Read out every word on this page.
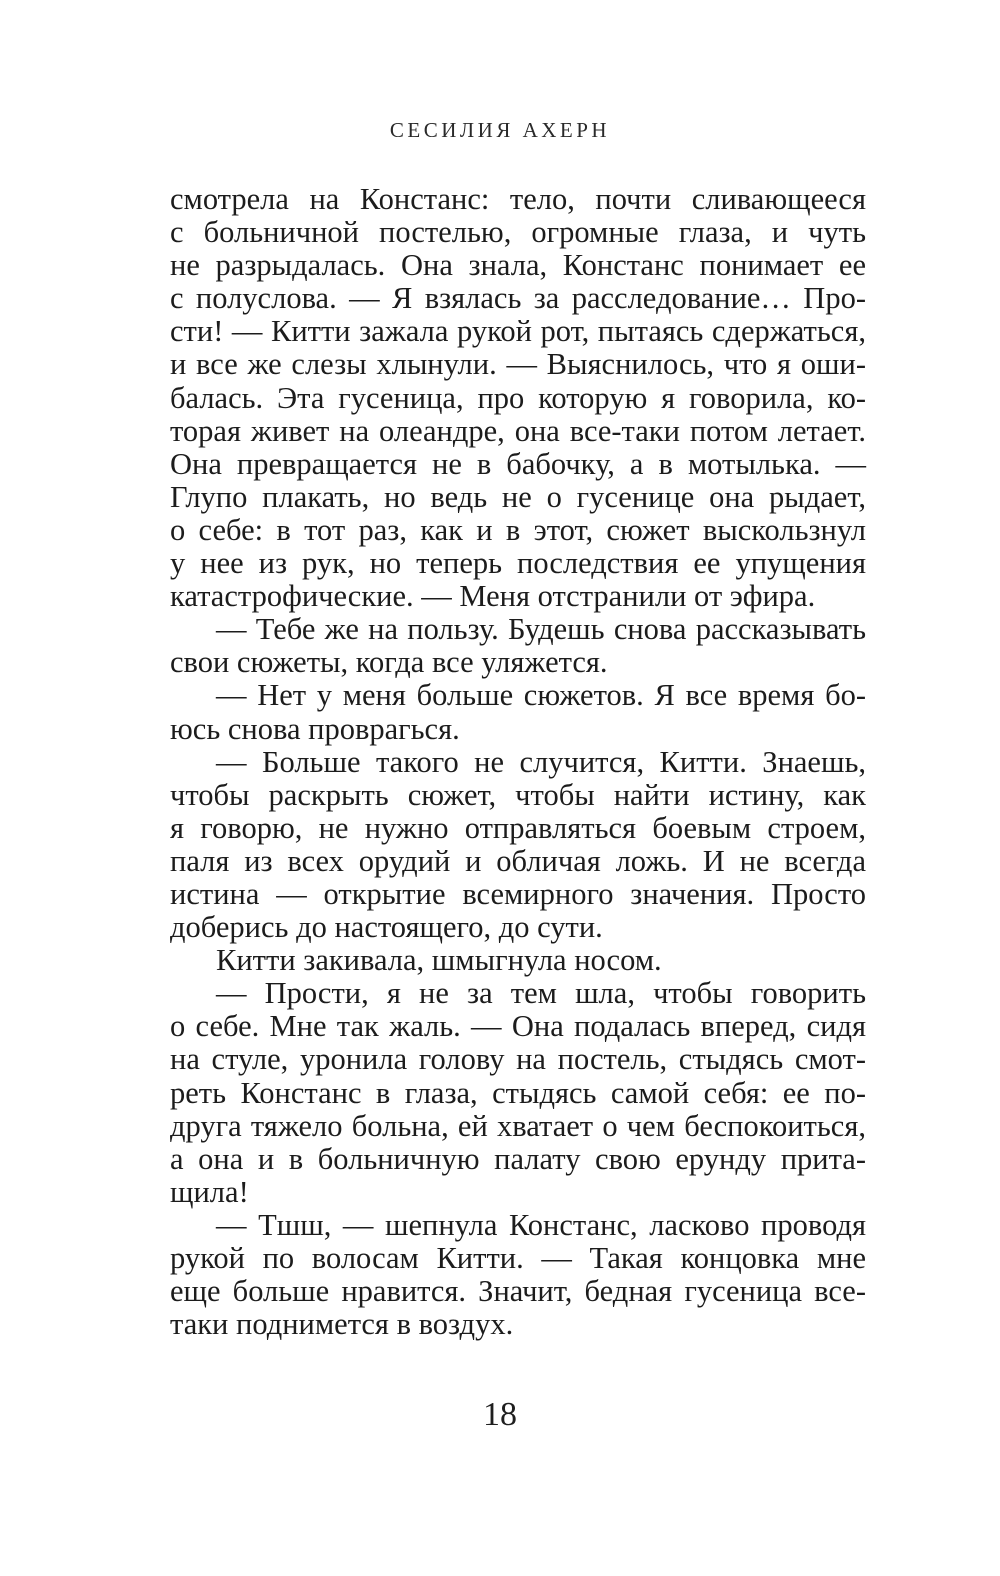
СЕСИЛИЯ АХЕРН
смотрела на Констанс: тело, почти сливающееся
с больничной постелью, огромные глаза, и чуть
не разрыдалась. Она знала, Констанс понимает ее
с полуслова. — Я взялась за расследование… Про-
сти! — Китти зажала рукой рот, пытаясь сдержаться,
и все же слезы хлынули. — Выяснилось, что я оши-
балась. Эта гусеница, про которую я говорила, ко-
торая живет на олеандре, она все-таки потом летает.
Она превращается не в бабочку, а в мотылька. —
Глупо плакать, но ведь не о гусенице она рыдает,
о себе: в тот раз, как и в этот, сюжет выскользнул
у нее из рук, но теперь последствия ее упущения
катастрофические. — Меня отстранили от эфира.
— Тебе же на пользу. Будешь снова рассказывать
свои сюжеты, когда все уляжется.
— Нет у меня больше сюжетов. Я все время бо-
юсь снова проврагься.
— Больше такого не случится, Китти. Знаешь,
чтобы раскрыть сюжет, чтобы найти истину, как
я говорю, не нужно отправляться боевым строем,
паля из всех орудий и обличая ложь. И не всегда
истина — открытие всемирного значения. Просто
доберись до настоящего, до сути.
Китти закивала, шмыгнула носом.
— Прости, я не за тем шла, чтобы говорить
о себе. Мне так жаль. — Она подалась вперед, сидя
на стуле, уронила голову на постель, стыдясь смот-
реть Констанс в глаза, стыдясь самой себя: ее по-
друга тяжело больна, ей хватает о чем беспокоиться,
а она и в больничную палату свою ерунду прита-
щила!
— Тшш, — шепнула Констанс, ласково проводя
рукой по волосам Китти. — Такая концовка мне
еще больше нравится. Значит, бедная гусеница все-
таки поднимется в воздух.
18
